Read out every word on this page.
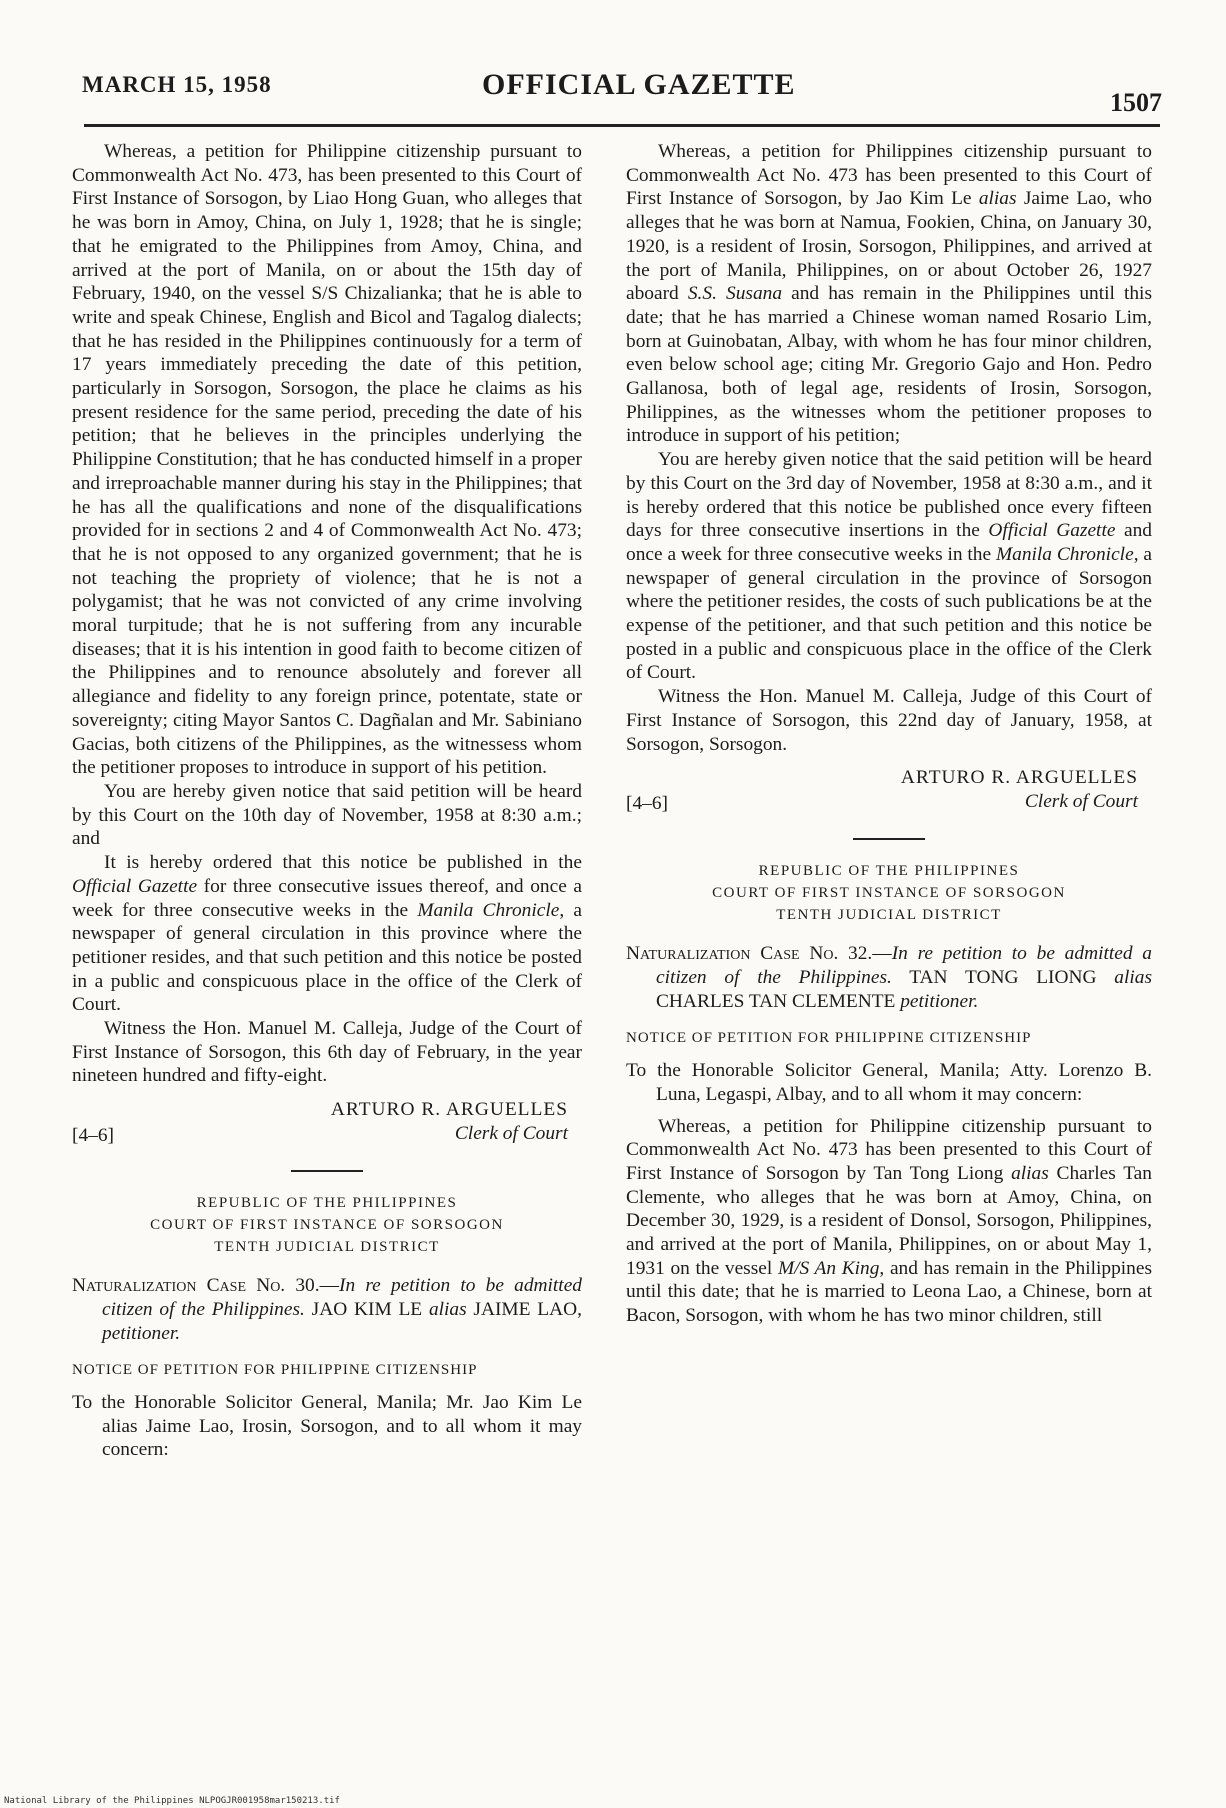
MARCH 15, 1958	OFFICIAL GAZETTE
1507

Whereas, a petition for Philippine citizenship pursuant to Commonwealth Act No. 473, has been presented to this Court of First Instance of Sorsogon, by Liao Hong Guan, who alleges that he was born in Amoy, China, on July 1, 1928; that he is single; that he emigrated to the Philippines from Amoy, China, and arrived at the port of Manila, on or about the 15th day of February, 1940, on the vessel S/S Chizalianka; that he is able to write and speak Chinese, English and Bicol and Tagalog dialects; that he has resided in the Philippines continuously for a term of 17 years immediately preceding the date of this petition, particularly in Sorsogon, Sorsogon, the place he claims as his present residence for the same period, preceding the date of his petition; that he believes in the principles underlying the Philippine Constitution; that he has conducted himself in a proper and irreproachable manner during his stay in the Philippines; that he has all the qualifications and none of the disqualifications provided for in sections 2 and 4 of Commonwealth Act No. 473; that he is not opposed to any organized government; that he is not teaching the propriety of violence; that he is not a polygamist; that he was not convicted of any crime involving moral turpitude; that he is not suffering from any incurable diseases; that it is his intention in good faith to become citizen of the Philippines and to renounce absolutely and forever all allegiance and fidelity to any foreign prince, potentate, state or sovereignty; citing Mayor Santos C. Dagñalan and Mr. Sabiniano Gacias, both citizens of the Philippines, as the witnessess whom the petitioner proposes to introduce in support of his petition.

You are hereby given notice that said petition will be heard by this Court on the 10th day of November, 1958 at 8:30 a.m.; and

It is hereby ordered that this notice be published in the Official Gazette for three consecutive issues thereof, and once a week for three consecutive weeks in the Manila Chronicle, a newspaper of general circulation in this province where the petitioner resides, and that such petition and this notice be posted in a public and conspicuous place in the office of the Clerk of Court.

Witness the Hon. Manuel M. Calleja, Judge of the Court of First Instance of Sorsogon, this 6th day of February, in the year nineteen hundred and fifty-eight.

[4–6]
ARTURO R. ARGUELLES
Clerk of Court
REPUBLIC OF THE PHILIPPINES
COURT OF FIRST INSTANCE OF SORSOGON
TENTH JUDICIAL DISTRICT
Naturalization Case No. 30.—In re petition to be admitted citizen of the Philippines. JAO KIM LE alias JAIME LAO, petitioner.
NOTICE OF PETITION FOR PHILIPPINE CITIZENSHIP
To the Honorable Solicitor General, Manila; Mr. Jao Kim Le alias Jaime Lao, Irosin, Sorsogon, and to all whom it may concern:

Whereas, a petition for Philippines citizenship pursuant to Commonwealth Act No. 473 has been presented to this Court of First Instance of Sorsogon, by Jao Kim Le alias Jaime Lao, who alleges that he was born at Namua, Fookien, China, on January 30, 1920, is a resident of Irosin, Sorsogon, Philippines, and arrived at the port of Manila, Philippines, on or about October 26, 1927 aboard S.S. Susana and has remain in the Philippines until this date; that he has married a Chinese woman named Rosario Lim, born at Guinobatan, Albay, with whom he has four minor children, even below school age; citing Mr. Gregorio Gajo and Hon. Pedro Gallanosa, both of legal age, residents of Irosin, Sorsogon, Philippines, as the witnesses whom the petitioner proposes to introduce in support of his petition;

You are hereby given notice that the said petition will be heard by this Court on the 3rd day of November, 1958 at 8:30 a.m., and it is hereby ordered that this notice be published once every fifteen days for three consecutive insertions in the Official Gazette and once a week for three consecutive weeks in the Manila Chronicle, a newspaper of general circulation in the province of Sorsogon where the petitioner resides, the costs of such publications be at the expense of the petitioner, and that such petition and this notice be posted in a public and conspicuous place in the office of the Clerk of Court.

Witness the Hon. Manuel M. Calleja, Judge of this Court of First Instance of Sorsogon, this 22nd day of January, 1958, at Sorsogon, Sorsogon.

[4–6]
ARTURO R. ARGUELLES
Clerk of Court
REPUBLIC OF THE PHILIPPINES
COURT OF FIRST INSTANCE OF SORSOGON
TENTH JUDICIAL DISTRICT
Naturalization Case No. 32.—In re petition to be admitted a citizen of the Philippines. TAN TONG LIONG alias CHARLES TAN CLEMENTE petitioner.
NOTICE OF PETITION FOR PHILIPPINE CITIZENSHIP
To the Honorable Solicitor General, Manila; Atty. Lorenzo B. Luna, Legaspi, Albay, and to all whom it may concern:

Whereas, a petition for Philippine citizenship pursuant to Commonwealth Act No. 473 has been presented to this Court of First Instance of Sorsogon by Tan Tong Liong alias Charles Tan Clemente, who alleges that he was born at Amoy, China, on December 30, 1929, is a resident of Donsol, Sorsogon, Philippines, and arrived at the port of Manila, Philippines, on or about May 1, 1931 on the vessel M/S An King, and has remain in the Philippines until this date; that he is married to Leona Lao, a Chinese, born at Bacon, Sorsogon, with whom he has two minor children, still

National Library of the Philippines NLPOGJR001958mar150213.tif
